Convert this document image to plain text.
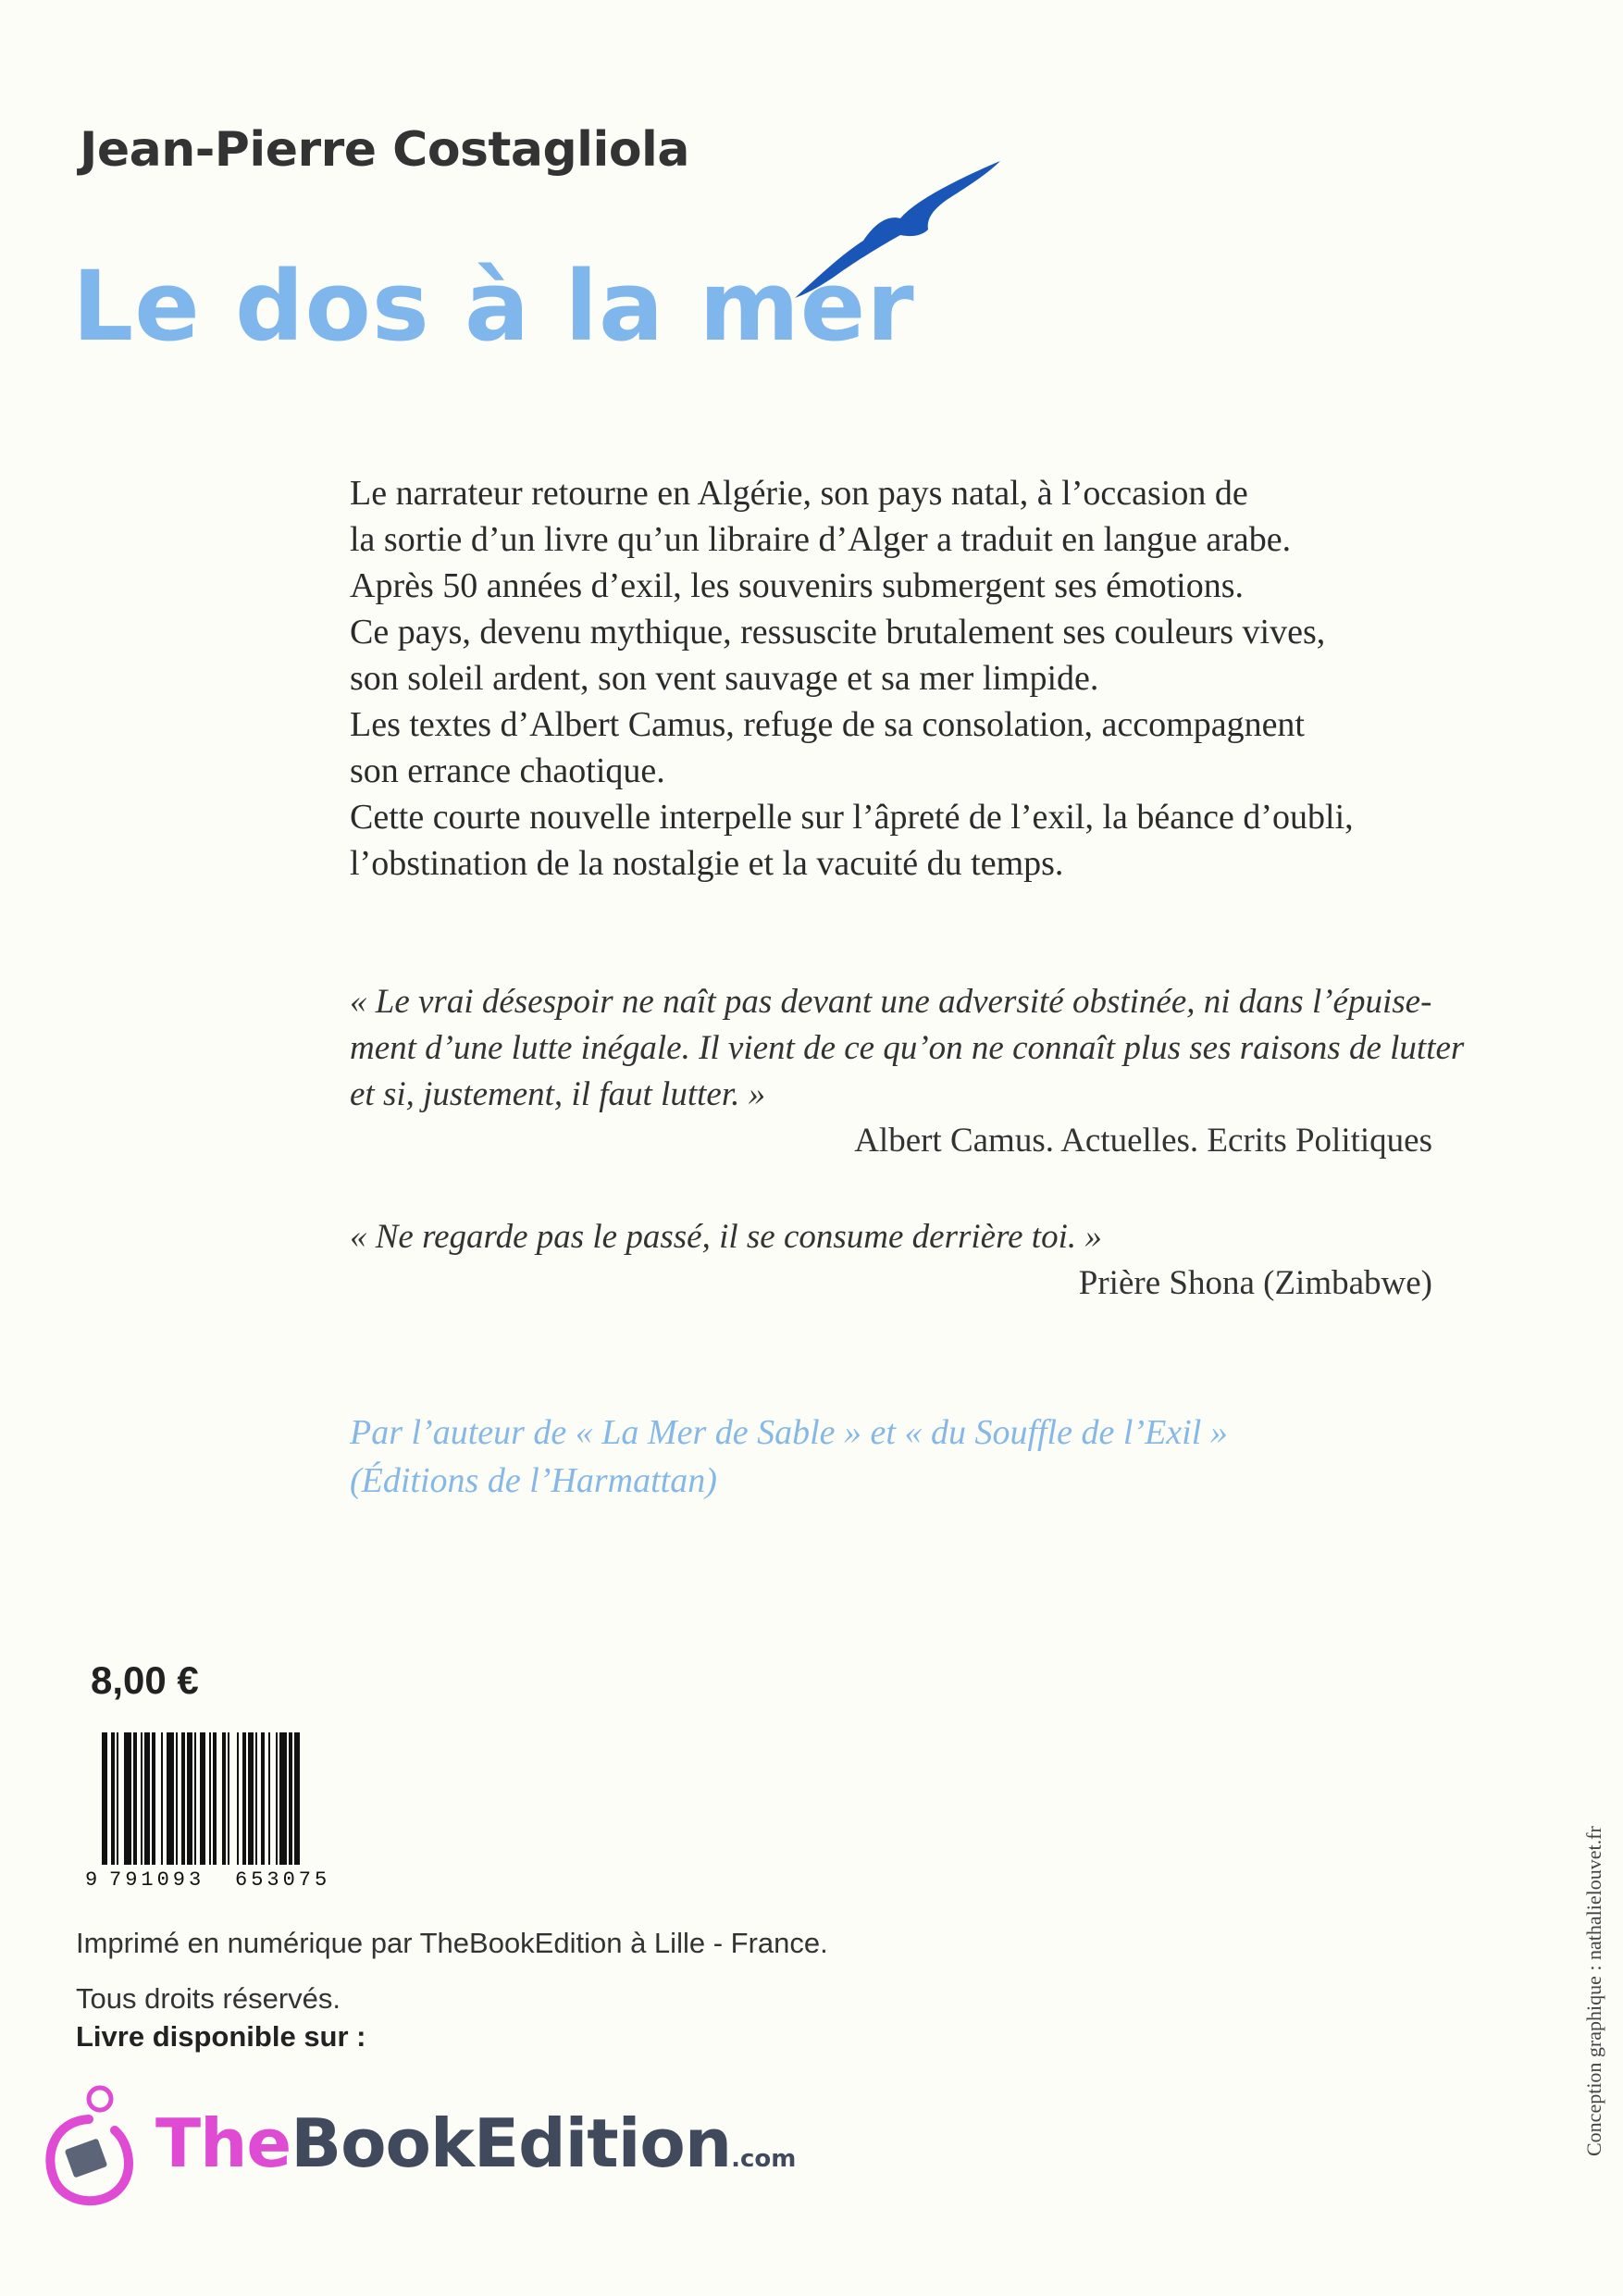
Jean-Pierre Costagliola
Le dos à la mer
Le narrateur retourne en Algérie, son pays natal, à l’occasion de
la sortie d’un livre qu’un libraire d’Alger a traduit en langue arabe.
Après 50 années d’exil, les souvenirs submergent ses émotions.
Ce pays, devenu mythique, ressuscite brutalement ses couleurs vives,
son soleil ardent, son vent sauvage et sa mer limpide.
Les textes d’Albert Camus, refuge de sa consolation, accompagnent
son errance chaotique.
Cette courte nouvelle interpelle sur l’âpreté de l’exil, la béance d’oubli,
l’obstination de la nostalgie et la vacuité du temps.
« Le vrai désespoir ne naît pas devant une adversité obstinée, ni dans l’épuise-
ment d’une lutte inégale. Il vient de ce qu’on ne connaît plus ses raisons de lutter
et si, justement, il faut lutter. »
Albert Camus. Actuelles. Ecrits Politiques
« Ne regarde pas le passé, il se consume derrière toi. »
Prière Shona (Zimbabwe)
Par l’auteur de « La Mer de Sable » et « du Souffle de l’Exil »
(Éditions de l’Harmattan)
8,00 €
9 791093 653075
Imprimé en numérique par TheBookEdition à Lille - France.
Tous droits réservés.
Livre disponible sur :
TheBookEdition.com
Conception graphique : nathalielouvet.fr
